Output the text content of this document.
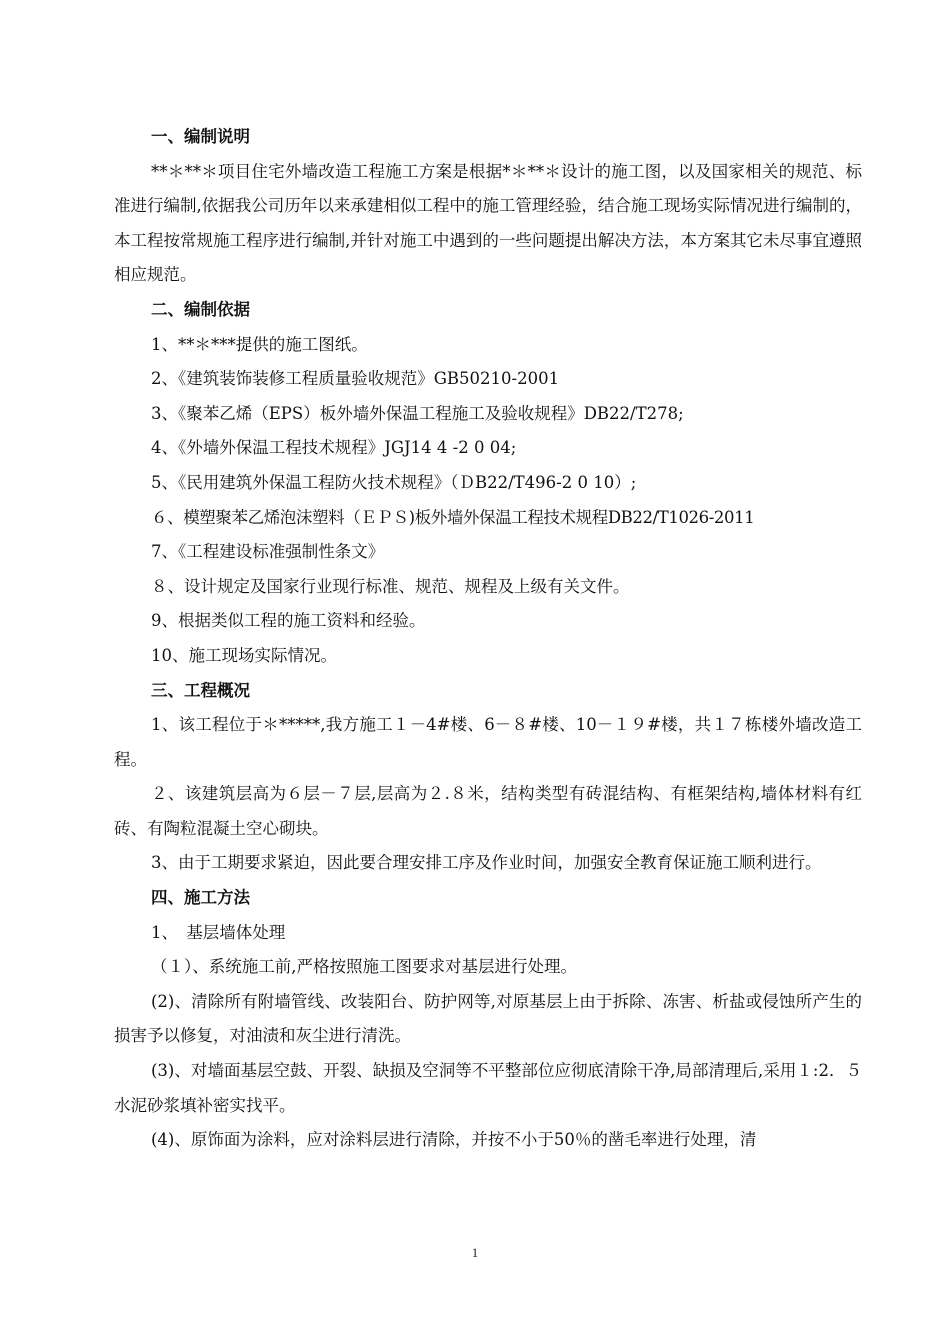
一、编制说明

**＊**＊项目住宅外墙改造工程施工方案是根据*＊**＊设计的施工图，以及国家相关的规范、标准进行编制,依据我公司历年以来承建相似工程中的施工管理经验，结合施工现场实际情况进行编制的，本工程按常规施工程序进行编制,并针对施工中遇到的一些问题提出解决方法，本方案其它未尽事宜遵照相应规范。

二、编制依据

1、**＊***提供的施工图纸。

2、《建筑装饰装修工程质量验收规范》GB50210-2001

3、《聚苯乙烯（EPS）板外墙外保温工程施工及验收规程》DB22/T278;

4、《外墙外保温工程技术规程》JGJ14 4 -2 0 04;

5、《民用建筑外保温工程防火技术规程》（ＤB22/T496-2 0 10）;

６、模塑聚苯乙烯泡沫塑料（ＥＰＳ)板外墙外保温工程技术规程DB22/T1026-2011

7、《工程建设标准强制性条文》

８、设计规定及国家行业现行标准、规范、规程及上级有关文件。

9、根据类似工程的施工资料和经验。

10、施工现场实际情况。

三、工程概况

1、该工程位于＊*****,我方施工１－4#楼、6－８#楼、10－１９#楼，共１７栋楼外墙改造工程。

２、该建筑层高为６层－７层,层高为２.８米，结构类型有砖混结构、有框架结构,墙体材料有红砖、有陶粒混凝土空心砌块。

3、由于工期要求紧迫，因此要合理安排工序及作业时间，加强安全教育保证施工顺利进行。

四、施工方法

1、　基层墙体处理

（１）、系统施工前,严格按照施工图要求对基层进行处理。

(2)、清除所有附墙管线、改装阳台、防护网等,对原基层上由于拆除、冻害、析盐或侵蚀所产生的损害予以修复，对油渍和灰尘进行清洗。

(3)、对墙面基层空鼓、开裂、缺损及空洞等不平整部位应彻底清除干净,局部清理后,采用１:2．５水泥砂浆填补密实找平。

(4)、原饰面为涂料，应对涂料层进行清除，并按不小于50％的凿毛率进行处理，清

1
